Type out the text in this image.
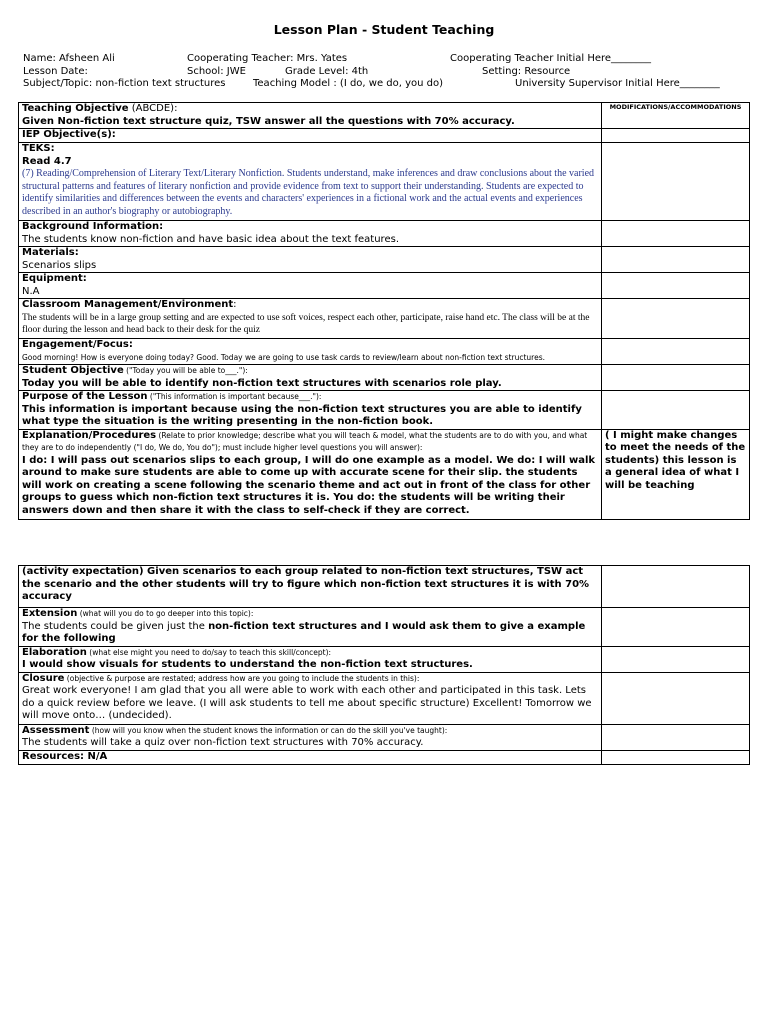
Lesson Plan - Student Teaching
Name: Afsheen Ali	Cooperating Teacher: Mrs. Yates	Cooperating Teacher Initial Here________
Lesson Date:	School: JWE	Grade Level: 4th	Setting: Resource
Subject/Topic: non-fiction text structures	Teaching Model : (I do, we do, you do)	University Supervisor Initial Here________
Teaching Objective (ABCDE):
Given Non-fiction text structure quiz, TSW answer all the questions with 70% accuracy.	MODIFICATIONS/ACCOMMODATIONS

IEP Objective(s):	

TEKS:
Read 4.7
(7) Reading/Comprehension of Literary Text/Literary Nonfiction. Students understand, make inferences and draw conclusions about the varied structural patterns and features of literary nonfiction and provide evidence from text to support their understanding. Students are expected to identify similarities and differences between the events and characters' experiences in a fictional work and the actual events and experiences described in an author's biography or autobiography.	

Background Information:
The students know non-fiction and have basic idea about the text features.	

Materials:
Scenarios slips	

Equipment:
N.A	

Classroom Management/Environment:
The students will be in a large group setting and are expected to use soft voices, respect each other, participate, raise hand etc. The class will be at the floor during the lesson and head back to their desk for the quiz	

Engagement/Focus:
Good morning! How is everyone doing today? Good. Today we are going to use task cards to review/learn about non-fiction text structures.	

Student Objective ("Today you will be able to___."):
Today you will be able to identify non-fiction text structures with scenarios role play.	

Purpose of the Lesson ("This information is important because___."):
This information is important because using the non-fiction text structures you are able to identify what type the situation is the writing presenting in the non-fiction book.	

Explanation/Procedures (Relate to prior knowledge; describe what you will teach & model, what the students are to do with you, and what they are to do independently ("I do, We do, You do"); must include higher level questions you will answer):
I do: I will pass out scenarios slips to each group, I will do one example as a model. We do: I will walk around to make sure students are able to come up with accurate scene for their slip. the students will work on creating a scene following the scenario theme and act out in front of the class for other groups to guess which non-fiction text structures it is. You do: the students will be writing their answers down and then share it with the class to self-check if they are correct.	( I might make changes to meet the needs of the students) this lesson is a general idea of what I will be teaching
(activity expectation) Given scenarios to each group related to non-fiction text structures, TSW act the scenario and the other students will try to figure which non-fiction text structures it is with 70% accuracy	

Extension (what will you do to go deeper into this topic):
The students could be given just the non-fiction text structures and I would ask them to give a example for the following	

Elaboration (what else might you need to do/say to teach this skill/concept):
I would show visuals for students to understand the non-fiction text structures.	

Closure (objective & purpose are restated; address how are you going to include the students in this):
Great work everyone! I am glad that you all were able to work with each other and participated in this task. Lets do a quick review before we leave. (I will ask students to tell me about specific structure) Excellent! Tomorrow we will move onto… (undecided).	

Assessment (how will you know when the student knows the information or can do the skill you've taught):
The students will take a quiz over non-fiction text structures with 70% accuracy.	

Resources: N/A	
